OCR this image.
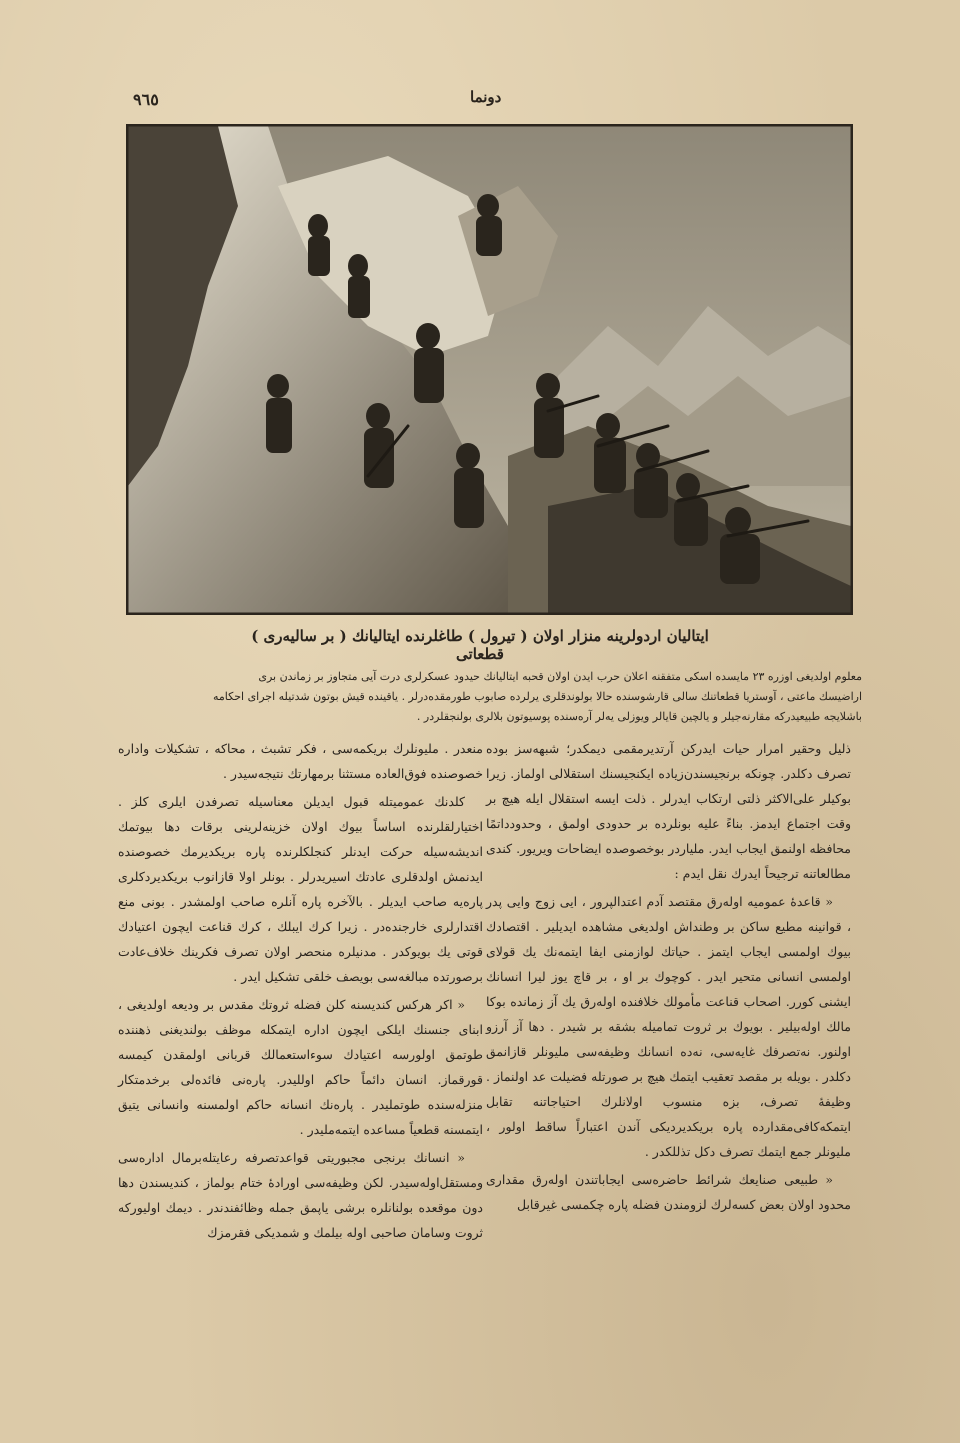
٩٦٥	دونما
ایتالیان اردولرینه منزار اولان ( تیرول ) طاغلرنده ایتالیانك ( بر سالیه‌ری ) قطعاتی

معلوم اولدیغی اوزره ۲۳ مایسده اسکی متفقنه اعلان حرب ایدن اولان قحبه ایتالیانك حیدود عسکرلری درت آیی متجاوز بر زماندن بری

اراضیسك ماعتی ، آوستریا قطعاتنك سالی قارشوسنده حالا بولوندقلری یرلرده صابوب طورمقده‌درلر . یاقینده قیش بوتون شدتیله اجرای احکامه

باشلایجه طبیعیدرکه مقارنه‌جیلر و یالچین قایالر ویوزلی یه‌لر آره‌سنده پوسیوتون بلالری بولنجقلردر .

ذلیل وحقیر امرار حیات ایدرکن آرتدیرمقمی دیمکدر؛ شبهه‌سز بوده تصرف دکلدر. چونکه برنجیسندن‌زیاده ایکنجیسنك استقلالی اولماز. زیرا بوکیلر علی‌الاکثر ذلتی ارتکاب ایدرلر . ذلت ایسه استقلال ایله هیچ بر وقت اجتماع ایدمز. بناءً علیه بونلرده بر حدودی اولمق ، وحدودداتمًا محافظه اولنمق ایجاب ایدر. ملیاردر بوخصوصده ایضاحات ویریور. کندی مطالعاتنه ترجیحاً ایدرك نقل ایدم :

« قاعدهٔ عمومیه اوله‌رق مقتصد آدم اعتدالپرور ، ایی زوج وایی پدر ، قوانینه مطیع ساکن بر وطنداش اولدیغی مشاهده ایدیلیر . اقتصادك بیوك اولمسی ایجاب ایتمز . حیاتك لوازمنی ایفا ایتمه‌نك یك قولای اولمسی انسانی متحیر ایدر . کوچوك بر او ، بر قاچ یوز لیرا انسانك ایشنی کورر. اصحاب قناعت مأمولك خلافنده اوله‌رق یك آز زمانده بوکا مالك اوله‌بیلیر . بویوك بر ثروت تمامیله بشقه بر شیدر . دها آز آرزو اولنور. نه‌تصرفك غایه‌سی، نه‌ده انسانك وظیفه‌سی ملیونلر قازانمق دکلدر . بویله بر مقصد تعقیب ایتمك هیچ بر صورتله فضیلت عد اولنماز . وظیفهٔ تصرف، بزه منسوب اولانلرك احتیاجاتنه تقابل ایتمکه‌کافی‌مقدارده پاره بریکدیردیکی آندن اعتباراً ساقط اولور ، ملیونلر جمع ایتمك تصرف دکل تذللکدر .

« طبیعی صنایعك شرائط حاضره‌سی ایجاباتندن اوله‌رق مقداری محدود اولان بعض کسه‌لرك لزومندن فضله پاره چکمسی غیرقابل

منعدر . ملیونلرك بریکمه‌سی ، فکر تشبث ، محاکه ، تشکیلات واداره خصوصنده فوق‌العاده مستثنا برمهارتك نتیجه‌سیدر .

کلدنك عمومیتله قبول ایدیلن معناسیله تصرفدن ایلری کلز . اختیارلقلرنده اساساً بیوك اولان خزینه‌لرینی برقات دها بیوتمك اندیشه‌سیله حرکت ایدنلر کنجلکلرنده پاره بریکدیرمك خصوصنده ایدنمش اولدقلری عادتك اسیریدرلر . بونلر اولا قازانوب بریکدیردکلری پاره‌یه صاحب ایدیلر . بالآخره پاره آنلره صاحب اولمشدر . بونی منع اقتدارلری خارجنده‌در . زیرا کرك ایبلك ، کرك قناعت ایچون اعتیادك قوتی یك بویوکدر . مدنیلره منحصر اولان تصرف فکرینك خلاف‌عادت برصورتده مبالغه‌سی بویصف خلقی تشکیل ایدر .

« اکر هرکس کندیسنه کلن فضله ثروتك مقدس بر ودیعه اولدیغی ، ابنای جنسنك ایلکی ایچون اداره ایتمکله موظف بولندیغنی ذهننده طوتمق اولورسه اعتیادك سوء‌استعمالك قربانی اولمقدن کیمسه قورقماز. انسان دائماً حاکم اوللیدر. پاره‌نی فائده‌لی برخدمتکار منزله‌سنده طوتملیدر . پاره‌نك انسانه حاکم اولمسنه وانسانی یتیق ایتمسنه قطعیاً مساعده ایتمه‌ملیدر .

« انسانك برنجی مجبوریتی قواعدتصرفه رعایتله‌برمال اداره‌سی ومستقل‌اوله‌سیدر. لکن وظیفه‌سی اورادهٔ ختام بولماز ، کندیسندن دها دون موقعده بولنانلره برشی یاپمق جمله وظائفندندر . دیمك اولیورکه ثروت وسامان صاحبی اوله بیلمك و شمدیکی فقرمزك
